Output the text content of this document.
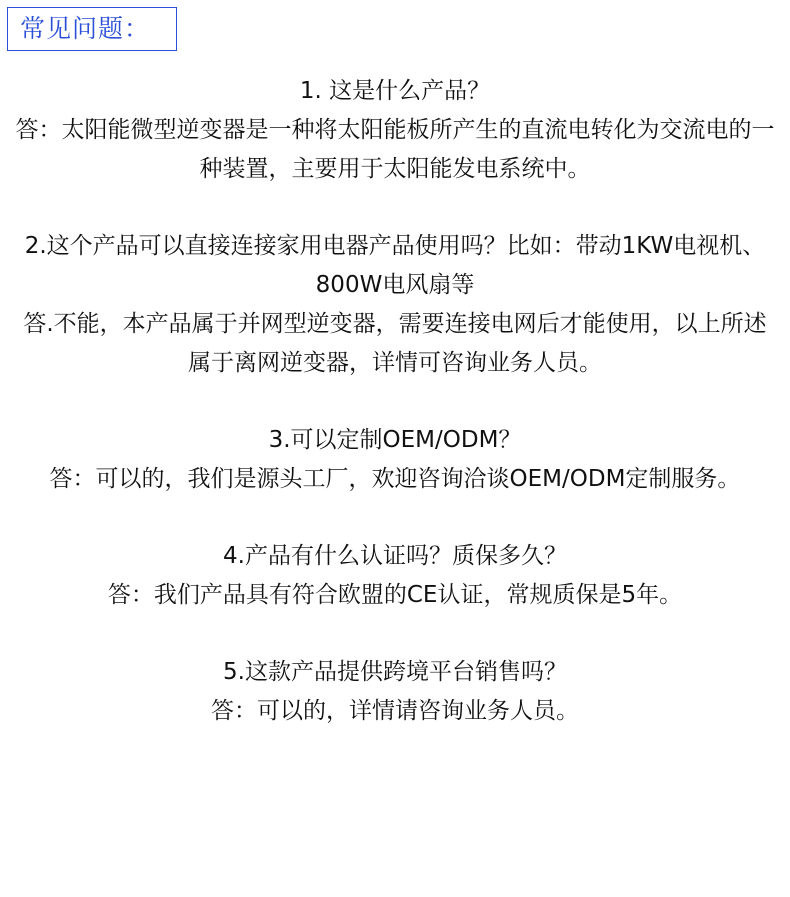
常见问题：
1. 这是什么产品？
答：太阳能微型逆变器是一种将太阳能板所产生的直流电转化为交流电的一种装置，主要用于太阳能发电系统中。
2.这个产品可以直接连接家用电器产品使用吗？比如：带动1KW电视机、800W电风扇等
答.不能，本产品属于并网型逆变器，需要连接电网后才能使用，以上所述属于离网逆变器，详情可咨询业务人员。
3.可以定制OEM/ODM？
答：可以的，我们是源头工厂，欢迎咨询洽谈OEM/ODM定制服务。
4.产品有什么认证吗？质保多久？
答：我们产品具有符合欧盟的CE认证，常规质保是5年。
5.这款产品提供跨境平台销售吗？
答：可以的，详情请咨询业务人员。
